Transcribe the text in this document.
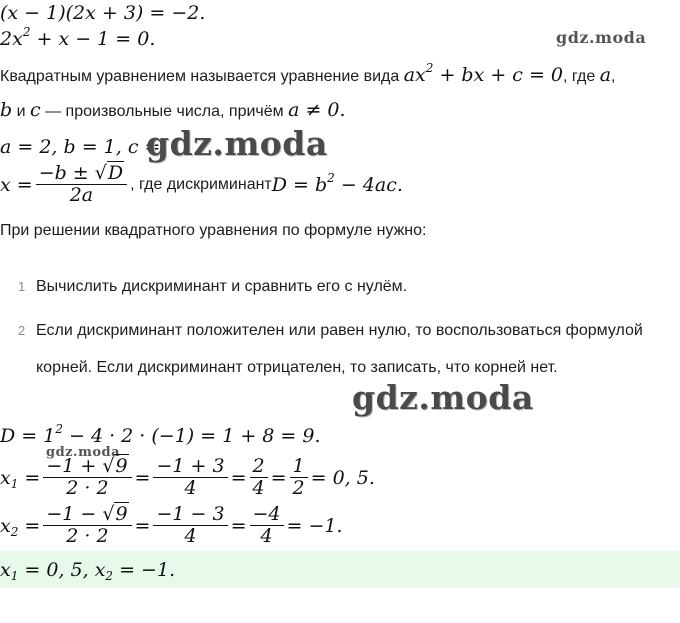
(x − 1)(2x + 3) = −2.
$2x^2 + x - 1 = 0$.	gdz.moda
Квадратным уравнением называется уравнение вида $ax^2$ + bx + c = 0, где a,
b и c — произвольные числа, причём a ≠ 0.
a = 2, b = 1, c =
gdz.moda
$x = \frac{-b \pm √D}{2a}$ , где дискриминант $D = b^2 - 4ac$.
При решении квадратного уравнения по формуле нужно:
1 Вычислить дискриминант и сравнить его с нулём.
2 Если дискриминант положителен или равен нулю, то воспользоваться формулой корней. Если дискриминант отрицателен, то записать, что корней нет.
gdz.moda
$D = 1^2 - 4 \cdot 2 \cdot (-1) = 1 + 8 = 9$.
gdz.moda
$x_1 = \frac{-1 + √9}{2 \cdot 2} = \frac{-1 + 3}{4} = \frac{2}{4} = \frac{1}{2} = 0$, 5.
$x_2 = \frac{-1 - √9}{2 \cdot 2} = \frac{-1 - 3}{4} = \frac{-4}{4} = -1$.
$x_1 = 0$, 5, $x_2 = -1$.
